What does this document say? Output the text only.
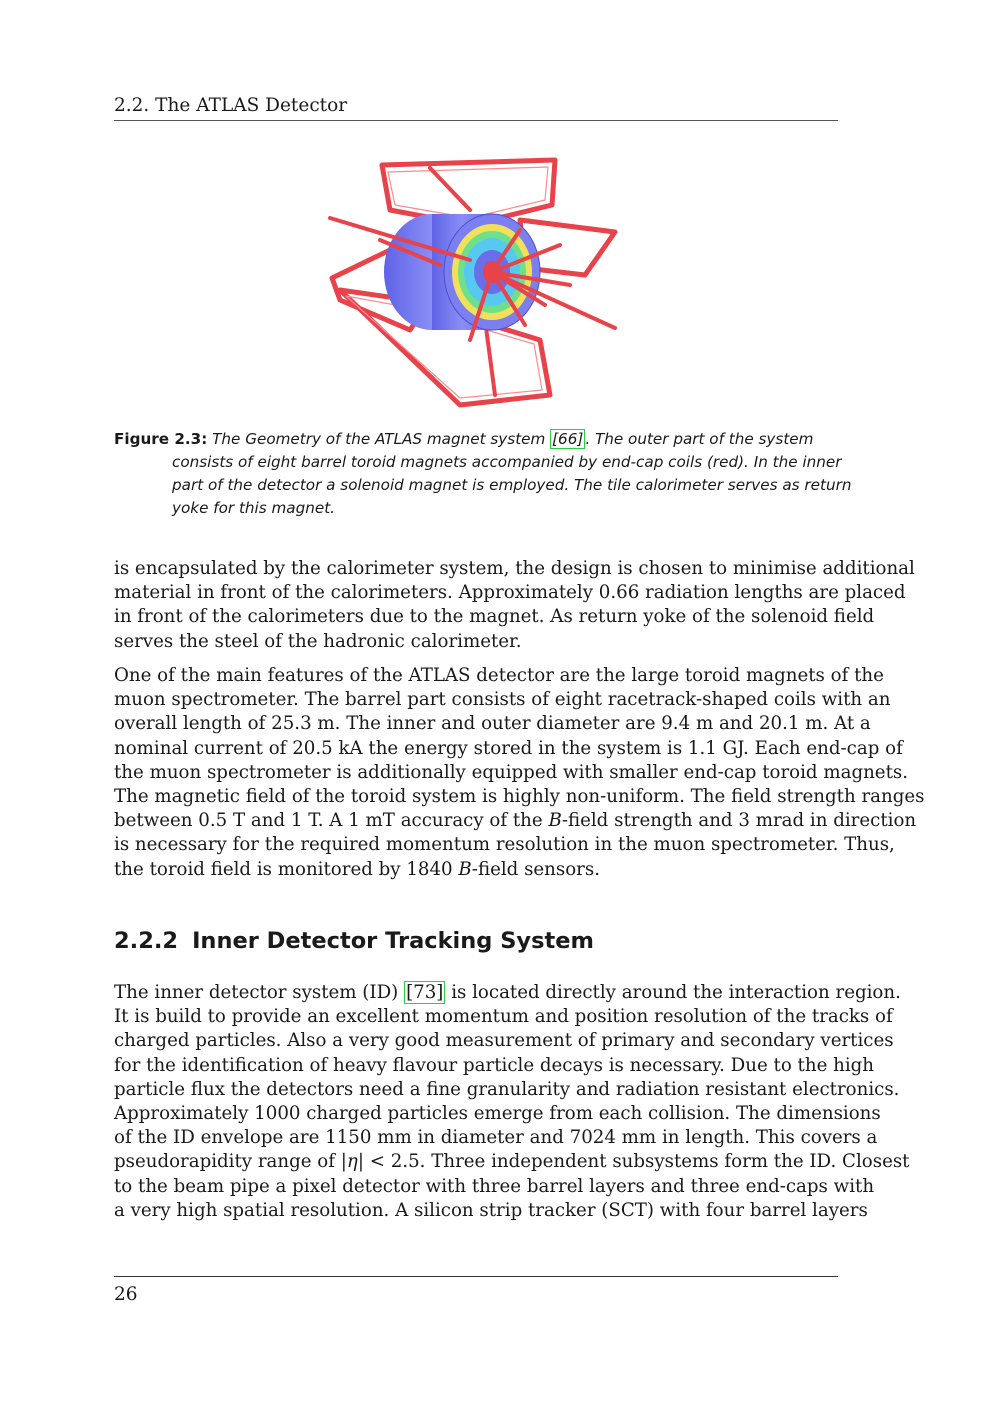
2.2. The ATLAS Detector
Figure 2.3: The Geometry of the ATLAS magnet system [66] . The outer part of the system
consists of eight barrel toroid magnets accompanied by end-cap coils (red). In the inner
part of the detector a solenoid magnet is employed. The tile calorimeter serves as return
yoke for this magnet.
is encapsulated by the calorimeter system, the design is chosen to minimise additional
material in front of the calorimeters. Approximately 0.66 radiation lengths are placed
in front of the calorimeters due to the magnet. As return yoke of the solenoid field
serves the steel of the hadronic calorimeter.
One of the main features of the ATLAS detector are the large toroid magnets of the
muon spectrometer. The barrel part consists of eight racetrack-shaped coils with an
overall length of 25.3 m. The inner and outer diameter are 9.4 m and 20.1 m. At a
nominal current of 20.5 kA the energy stored in the system is 1.1 GJ. Each end-cap of
the muon spectrometer is additionally equipped with smaller end-cap toroid magnets.
The magnetic field of the toroid system is highly non-uniform. The field strength ranges
between 0.5 T and 1 T. A 1 mT accuracy of the B-field strength and 3 mrad in direction
is necessary for the required momentum resolution in the muon spectrometer. Thus,
the toroid field is monitored by 1840 B-field sensors.
2.2.2 Inner Detector Tracking System
The inner detector system (ID) [73] is located directly around the interaction region.
It is build to provide an excellent momentum and position resolution of the tracks of
charged particles. Also a very good measurement of primary and secondary vertices
for the identification of heavy flavour particle decays is necessary. Due to the high
particle flux the detectors need a fine granularity and radiation resistant electronics.
Approximately 1000 charged particles emerge from each collision. The dimensions
of the ID envelope are 1150 mm in diameter and 7024 mm in length. This covers a
pseudorapidity range of |η| < 2.5. Three independent subsystems form the ID. Closest
to the beam pipe a pixel detector with three barrel layers and three end-caps with
a very high spatial resolution. A silicon strip tracker (SCT) with four barrel layers
26
